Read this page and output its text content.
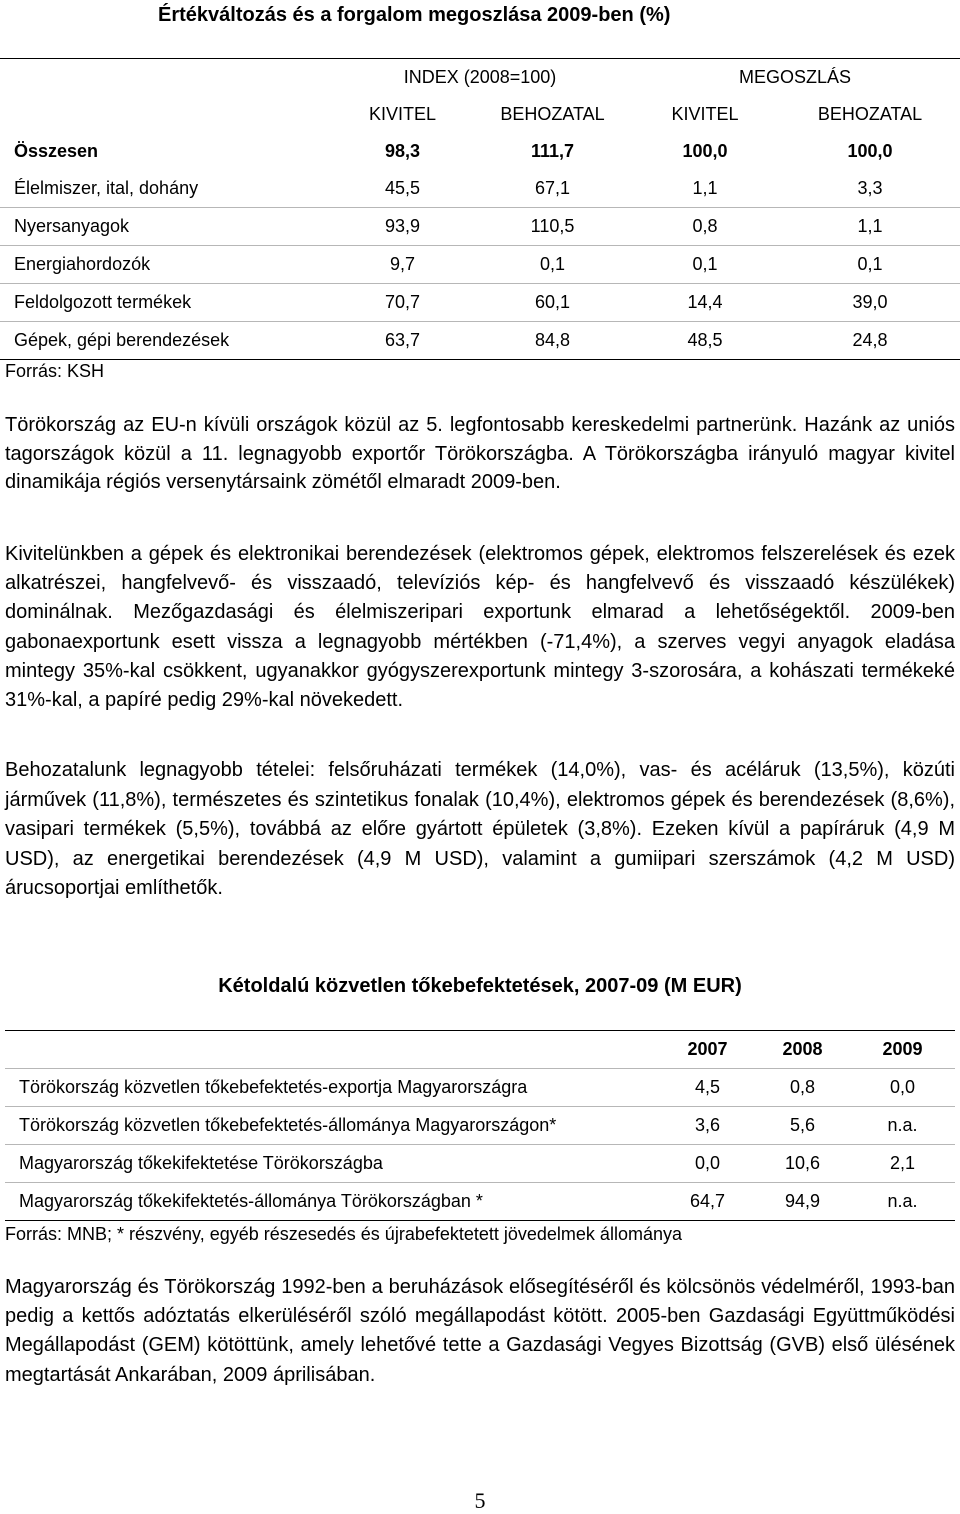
Értékváltozás és a forgalom megoszlása 2009-ben (%)
	INDEX (2008=100)		MEGOSZLÁS	
	KIVITEL	BEHOZATAL	KIVITEL	BEHOZATAL
Összesen	98,3	111,7	100,0	100,0
Élelmiszer, ital, dohány	45,5	67,1	1,1	3,3
Nyersanyagok	93,9	110,5	0,8	1,1
Energiahordozók	9,7	0,1	0,1	0,1
Feldolgozott termékek	70,7	60,1	14,4	39,0
Gépek, gépi berendezések	63,7	84,8	48,5	24,8
Forrás: KSH

Törökország az EU-n kívüli országok közül az 5. legfontosabb kereskedelmi partnerünk. Hazánk az uniós tagországok közül a 11. legnagyobb exportőr Törökországba. A Törökországba irányuló magyar kivitel dinamikája régiós versenytársaink zömétől elmaradt 2009-ben.

Kivitelünkben a gépek és elektronikai berendezések (elektromos gépek, elektromos felszerelések és ezek alkatrészei, hangfelvevő- és visszaadó, televíziós kép- és hangfelvevő és visszaadó készülékek) dominálnak. Mezőgazdasági és élelmiszeripari exportunk elmarad a lehetőségektől. 2009-ben gabonaexportunk esett vissza a legnagyobb mértékben (-71,4%), a szerves vegyi anyagok eladása mintegy 35%-kal csökkent, ugyanakkor gyógyszerexportunk mintegy 3-szorosára, a kohászati termékeké 31%-kal, a papíré pedig 29%-kal növekedett.

Behozatalunk legnagyobb tételei: felsőruházati termékek (14,0%), vas- és acéláruk (13,5%), közúti járművek (11,8%), természetes és szintetikus fonalak (10,4%), elektromos gépek és berendezések (8,6%), vasipari termékek (5,5%), továbbá az előre gyártott épületek (3,8%). Ezeken kívül a papíráruk (4,9 M USD), az energetikai berendezések (4,9 M USD), valamint a gumiipari szerszámok (4,2 M USD) árucsoportjai említhetők.

Kétoldalú közvetlen tőkebefektetések, 2007-09 (M EUR)
	2007	2008	2009
Törökország közvetlen tőkebefektetés-exportja Magyarországra	4,5	0,8	0,0
Törökország közvetlen tőkebefektetés-állománya Magyarországon*	3,6	5,6	n.a.
Magyarország tőkekifektetése Törökországba	0,0	10,6	2,1
Magyarország tőkekifektetés-állománya Törökországban *	64,7	94,9	n.a.
Forrás: MNB; * részvény, egyéb részesedés és újrabefektetett jövedelmek állománya

Magyarország és Törökország 1992-ben a beruházások elősegítéséről és kölcsönös védelméről, 1993-ban pedig a kettős adóztatás elkerüléséről szóló megállapodást kötött. 2005-ben Gazdasági Együttműködési Megállapodást (GEM) kötöttünk, amely lehetővé tette a Gazdasági Vegyes Bizottság (GVB) első ülésének megtartását Ankarában, 2009 áprilisában.

5
